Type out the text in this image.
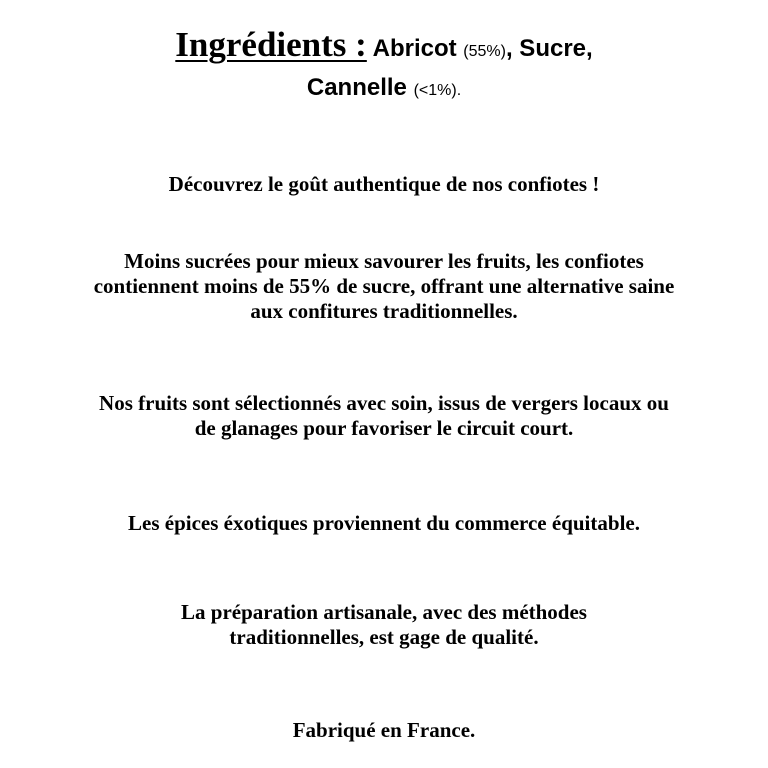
Ingrédients : Abricot (55%), Sucre,
Cannelle (<1%).
Découvrez le goût authentique de nos confiotes !
Moins sucrées pour mieux savourer les fruits, les confiotes
contiennent moins de 55% de sucre, offrant une alternative saine
aux confitures traditionnelles.
Nos fruits sont sélectionnés avec soin, issus de vergers locaux ou
de glanages pour favoriser le circuit court.
Les épices éxotiques proviennent du commerce équitable.
La préparation artisanale, avec des méthodes
traditionnelles, est gage de qualité.
Fabriqué en France.
